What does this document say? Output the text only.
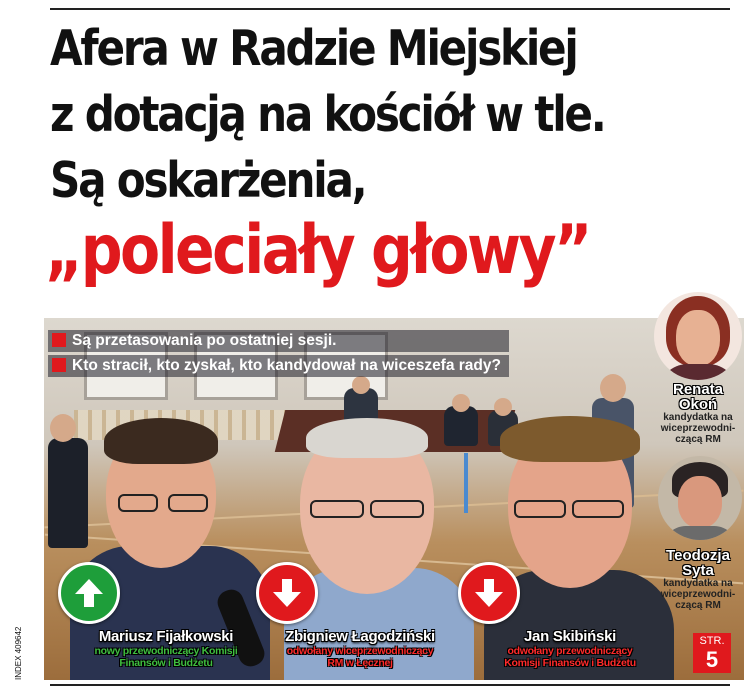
Afera w Radzie Miejskiej
z dotacją na kościół w tle.
Są oskarżenia,
„poleciały głowy”
Są przetasowania po ostatniej sesji.
Kto stracił, kto zyskał, kto kandydował na wiceszefa rady?
Mariusz Fijałkowski
nowy przewodniczący Komisji
Finansów i Budżetu
Zbigniew Łagodziński
odwołany wiceprzewodniczący
RM w Łęcznej
Jan Skibiński
odwołany przewodniczący
Komisji Finansów i Budżetu
Renata
Okoń
kandydatka na
wiceprzewodni-
czącą RM
Teodozja
Syta
kandydatka na
wiceprzewodni-
czącą RM
STR.
5
INDEX 409642
